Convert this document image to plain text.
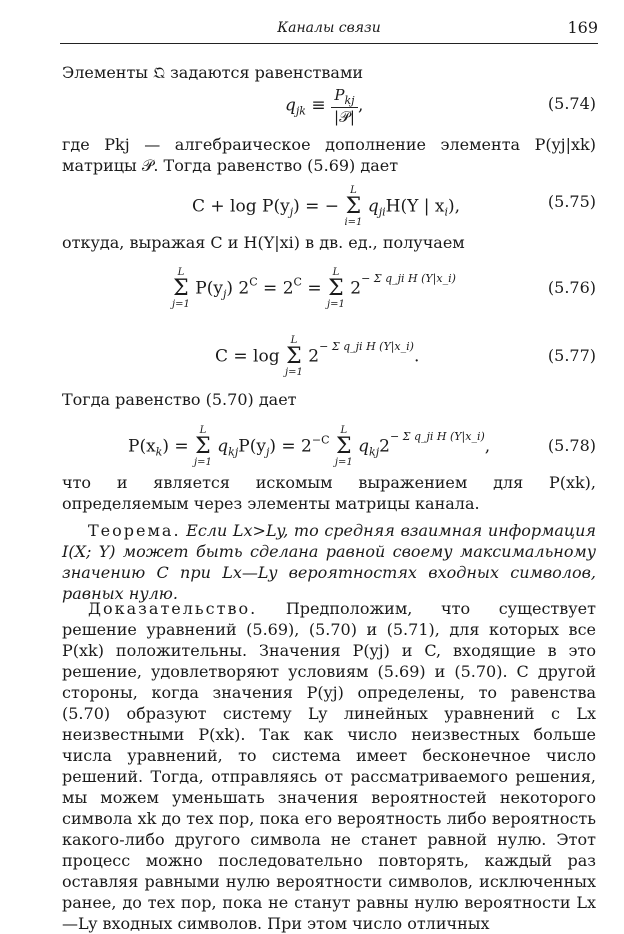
Каналы связи	169
Элементы 𝔔 задаются равенствами
$q_{jk} \equiv \frac{P_{kj}}{\text{|𝒫|}}$ ,	(5.74)
где Pkj — алгебраическое дополнение элемента P(yj|xk) матрицы 𝒫. Тогда равенство (5.69) дает
$C + \log P(y_j)$ = −
L
Σ
i=1
$q_{ji}H(Y$ | $x_i$),	(5.75)
откуда, выражая C и H(Y|xi) в дв. ед., получаем
L
Σ
j=1
$P(y_j) 2^C = 2^C$ =
L
Σ
j=1
2− Σ q_ji H (Y|x_i)	(5.76)
C = log
L
Σ
j=1
2− Σ q_ji H (Y|x_i).	(5.77)
Тогда равенство (5.70) дает
$P(x_k)$ =
L
Σ
j=1
$q_{kj}P(y_j) = 2^{-C}$
L
Σ
j=1
$q_{kj}2- \Sigma$ q_ji H (Y|x_i),	(5.78)
что и является искомым выражением для P(xk), определяемым через элементы матрицы канала.
Теорема. Если Lx>Ly, то средняя взаимная информация I(X; Y) может быть сделана равной своему максимальному значению C при Lx—Ly вероятностях входных символов, равных нулю.
Доказательство. Предположим, что существует решение уравнений (5.69), (5.70) и (5.71), для которых все P(xk) положительны. Значения P(yj) и C, входящие в это решение, удовлетворяют условиям (5.69) и (5.70). С другой стороны, когда значения P(yj) определены, то равенства (5.70) образуют систему Ly линейных уравнений с Lx неизвестными P(xk). Так как число неизвестных больше числа уравнений, то система имеет бесконечное число решений. Тогда, отправляясь от рассматриваемого решения, мы можем уменьшать значения вероятностей некоторого символа xk до тех пор, пока его вероятность либо вероятность какого-либо другого символа не станет равной нулю. Этот процесс можно последовательно повторять, каждый раз оставляя равными нулю вероятности символов, исключенных ранее, до тех пор, пока не станут равны нулю вероятности Lx—Ly входных символов. При этом число отличных
